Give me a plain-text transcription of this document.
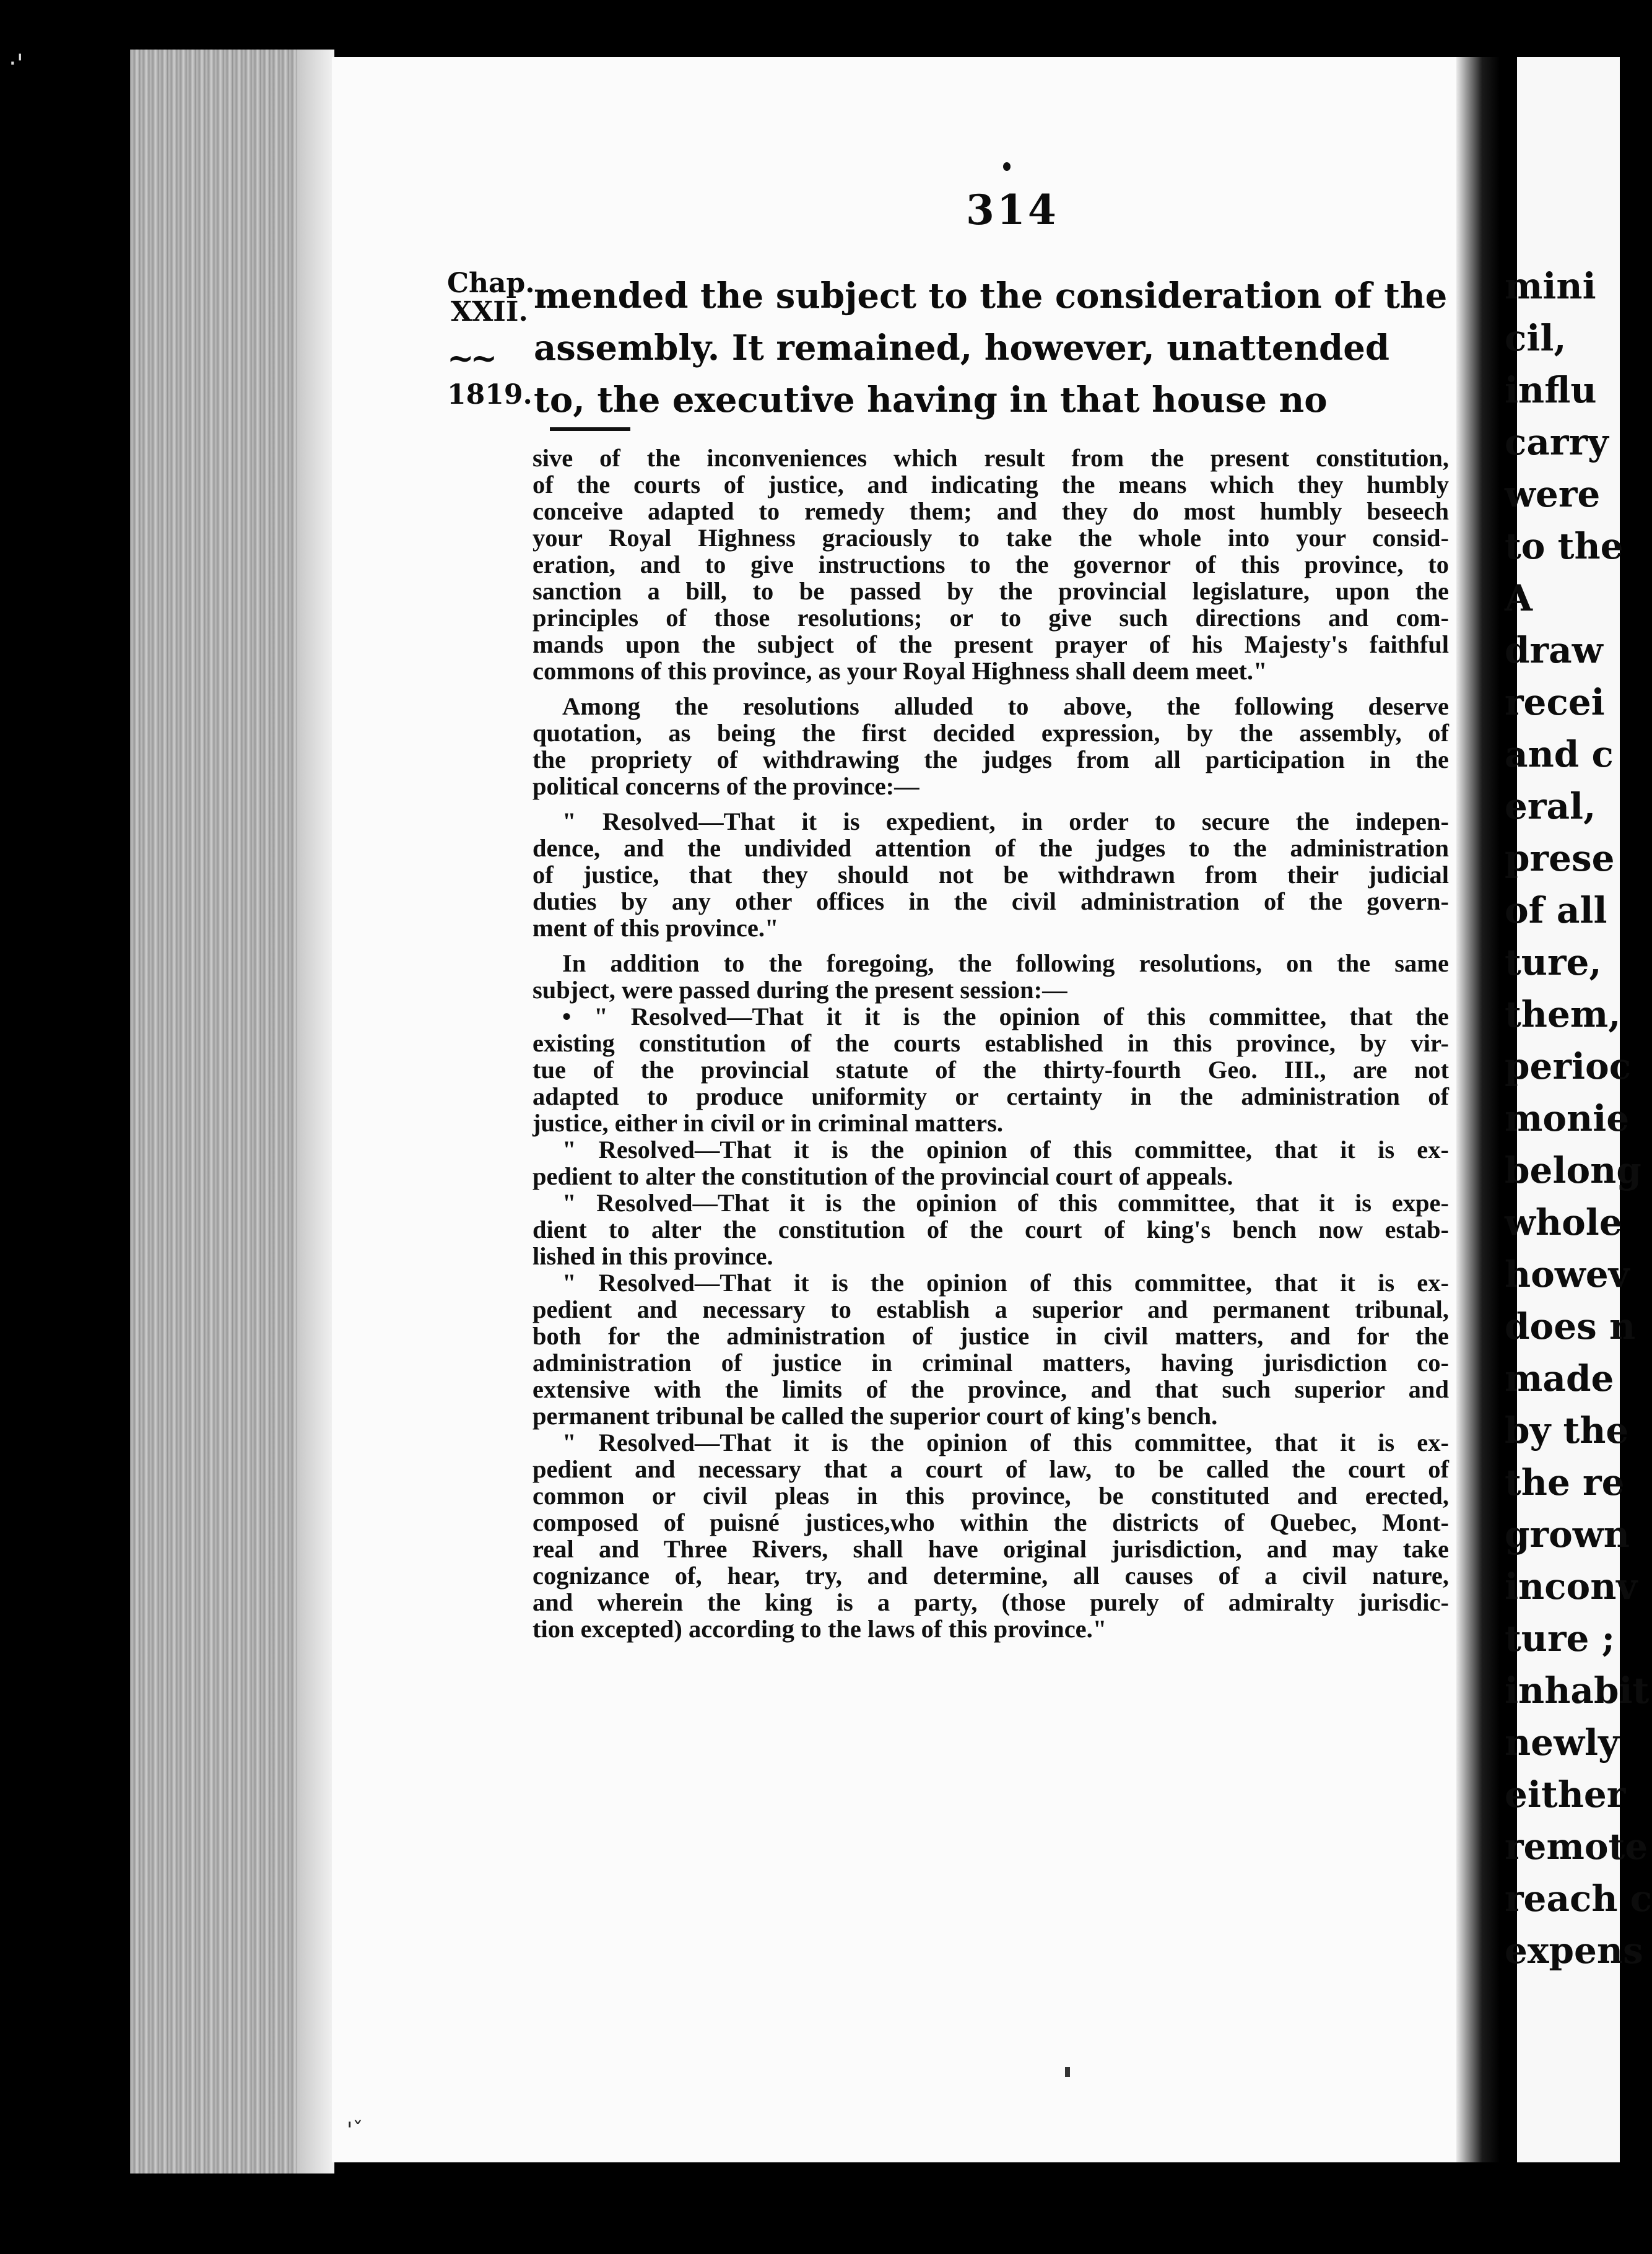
·'
314
Chap.
XXII.
~~
1819.
mended the subject to the consideration of the
assembly. It remained, however, unattended
to, the executive having in that house no
sive of the inconveniences which result from the present constitution,
of the courts of justice, and indicating the means which they humbly
conceive adapted to remedy them; and they do most humbly beseech
your Royal Highness graciously to take the whole into your consid-
eration, and to give instructions to the governor of this province, to
sanction a bill, to be passed by the provincial legislature, upon the
principles of those resolutions; or to give such directions and com-
mands upon the subject of the present prayer of his Majesty's faithful
commons of this province, as your Royal Highness shall deem meet."

Among the resolutions alluded to above, the following deserve

quotation, as being the first decided expression, by the assembly, of
the propriety of withdrawing the judges from all participation in the
political concerns of the province:—

" Resolved—That it is expedient, in order to secure the indepen-

dence, and the undivided attention of the judges to the administration
of justice, that they should not be withdrawn from their judicial
duties by any other offices in the civil administration of the govern-
ment of this province."

In addition to the foregoing, the following resolutions, on the same

subject, were passed during the present session:—

• " Resolved—That it it is the opinion of this committee, that the

existing constitution of the courts established in this province, by vir-
tue of the provincial statute of the thirty-fourth Geo. III., are not
adapted to produce uniformity or certainty in the administration of
justice, either in civil or in criminal matters.

" Resolved—That it is the opinion of this committee, that it is ex-

pedient to alter the constitution of the provincial court of appeals.

" Resolved—That it is the opinion of this committee, that it is expe-

dient to alter the constitution of the court of king's bench now estab-
lished in this province.

" Resolved—That it is the opinion of this committee, that it is ex-

pedient and necessary to establish a superior and permanent tribunal,
both for the administration of justice in civil matters, and for the
administration of justice in criminal matters, having jurisdiction co-
extensive with the limits of the province, and that such superior and
permanent tribunal be called the superior court of king's bench.

" Resolved—That it is the opinion of this committee, that it is ex-

pedient and necessary that a court of law, to be called the court of
common or civil pleas in this province, be constituted and erected,
composed of puisné justices,who within the districts of Quebec, Mont-
real and Three Rivers, shall have original jurisdiction, and may take
cognizance of, hear, try, and determine, all causes of a civil nature,
and wherein the king is a party, (those purely of admiralty jurisdic-
tion excepted) according to the laws of this province."
mini
cil,
influ
carry
were
to the
A
draw
recei
and c
eral,
prese
of all
ture,
them,
perioc
monie
belong
whole
howev
does n
made
by the
the re
grown
inconv
ture ;
inhabit
newly
either
remote
reach c
expens
'ˇ
